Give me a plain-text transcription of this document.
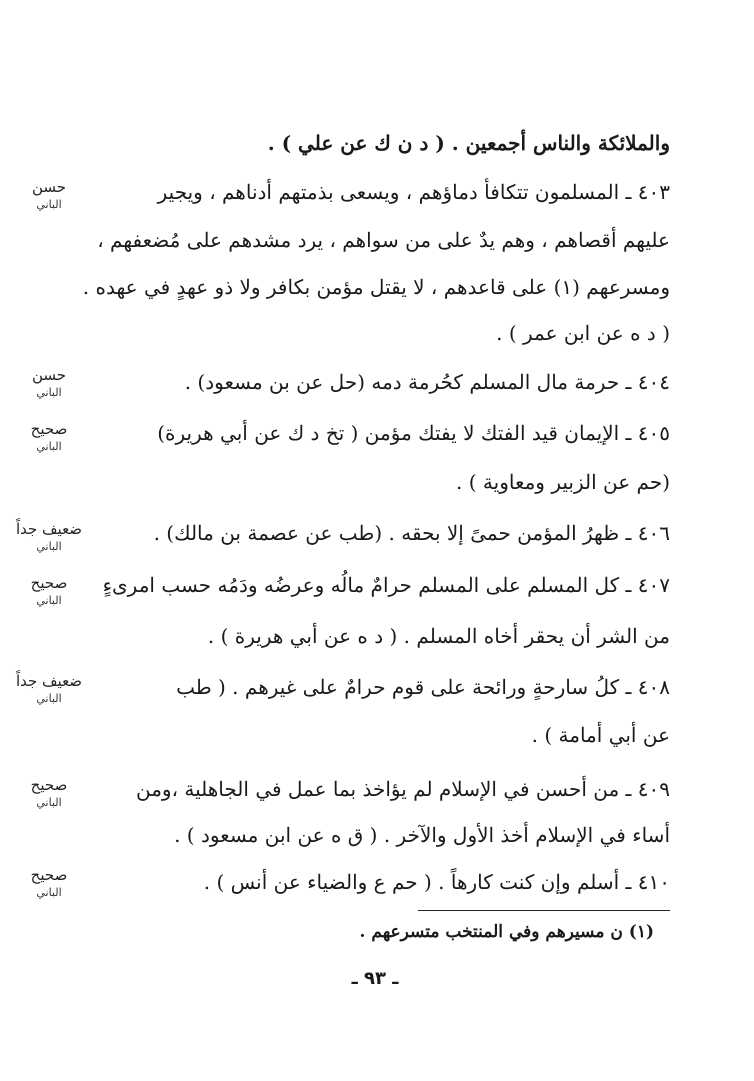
والملائكة والناس أجمعين . ( د ن ك عن علي ) .
٤٠٣ ـ المسلمون تتكافأ دماؤهم ، ويسعى بذمتهم أدناهم ، ويجير
عليهم أقصاهم ، وهم يدٌ على من سواهم ، يرد مشدهم على مُضعفهم ،
ومسرعهم (١) على قاعدهم ، لا يقتل مؤمن بكافر ولا ذو عهدٍ في عهده .
( د ه عن ابن عمر ) .
٤٠٤ ـ حرمة مال المسلم كحُرمة دمه (حل عن بن مسعود) .
٤٠٥ ـ الإيمان قيد الفتك لا يفتك مؤمن ( تخ د ك عن أبي هريرة)
(حم عن الزبير ومعاوية ) .
٤٠٦ ـ ظهرُ المؤمن حمىً إلا بحقه . (طب عن عصمة بن مالك) .
٤٠٧ ـ كل المسلم على المسلم حرامٌ مالُه وعرضُه ودَمُه حسب امرىءٍ
من الشر أن يحقر أخاه المسلم . ( د ه عن أبي هريرة ) .
٤٠٨ ـ كلُ سارحةٍ ورائحة على قوم حرامٌ على غيرهم . ( طب
عن أبي أمامة ) .
٤٠٩ ـ من أحسن في الإسلام لم يؤاخذ بما عمل في الجاهلية ،ومن
أساء في الإسلام أخذ الأول والآخر . ( ق ه عن ابن مسعود ) .
٤١٠ ـ أسلم وإن كنت كارهاً . ( حم ع والضياء عن أنس ) .
حسن
الباني
حسن
الباني
صحيح
الباني
ضعيف جداً
الباني
صحيح
الباني
ضعيف جداً
الباني
صحيح
الباني
صحيح
الباني
(١) ن مسيرهم وفي المنتخب متسرعهم .
ـ ٩٣ ـ
